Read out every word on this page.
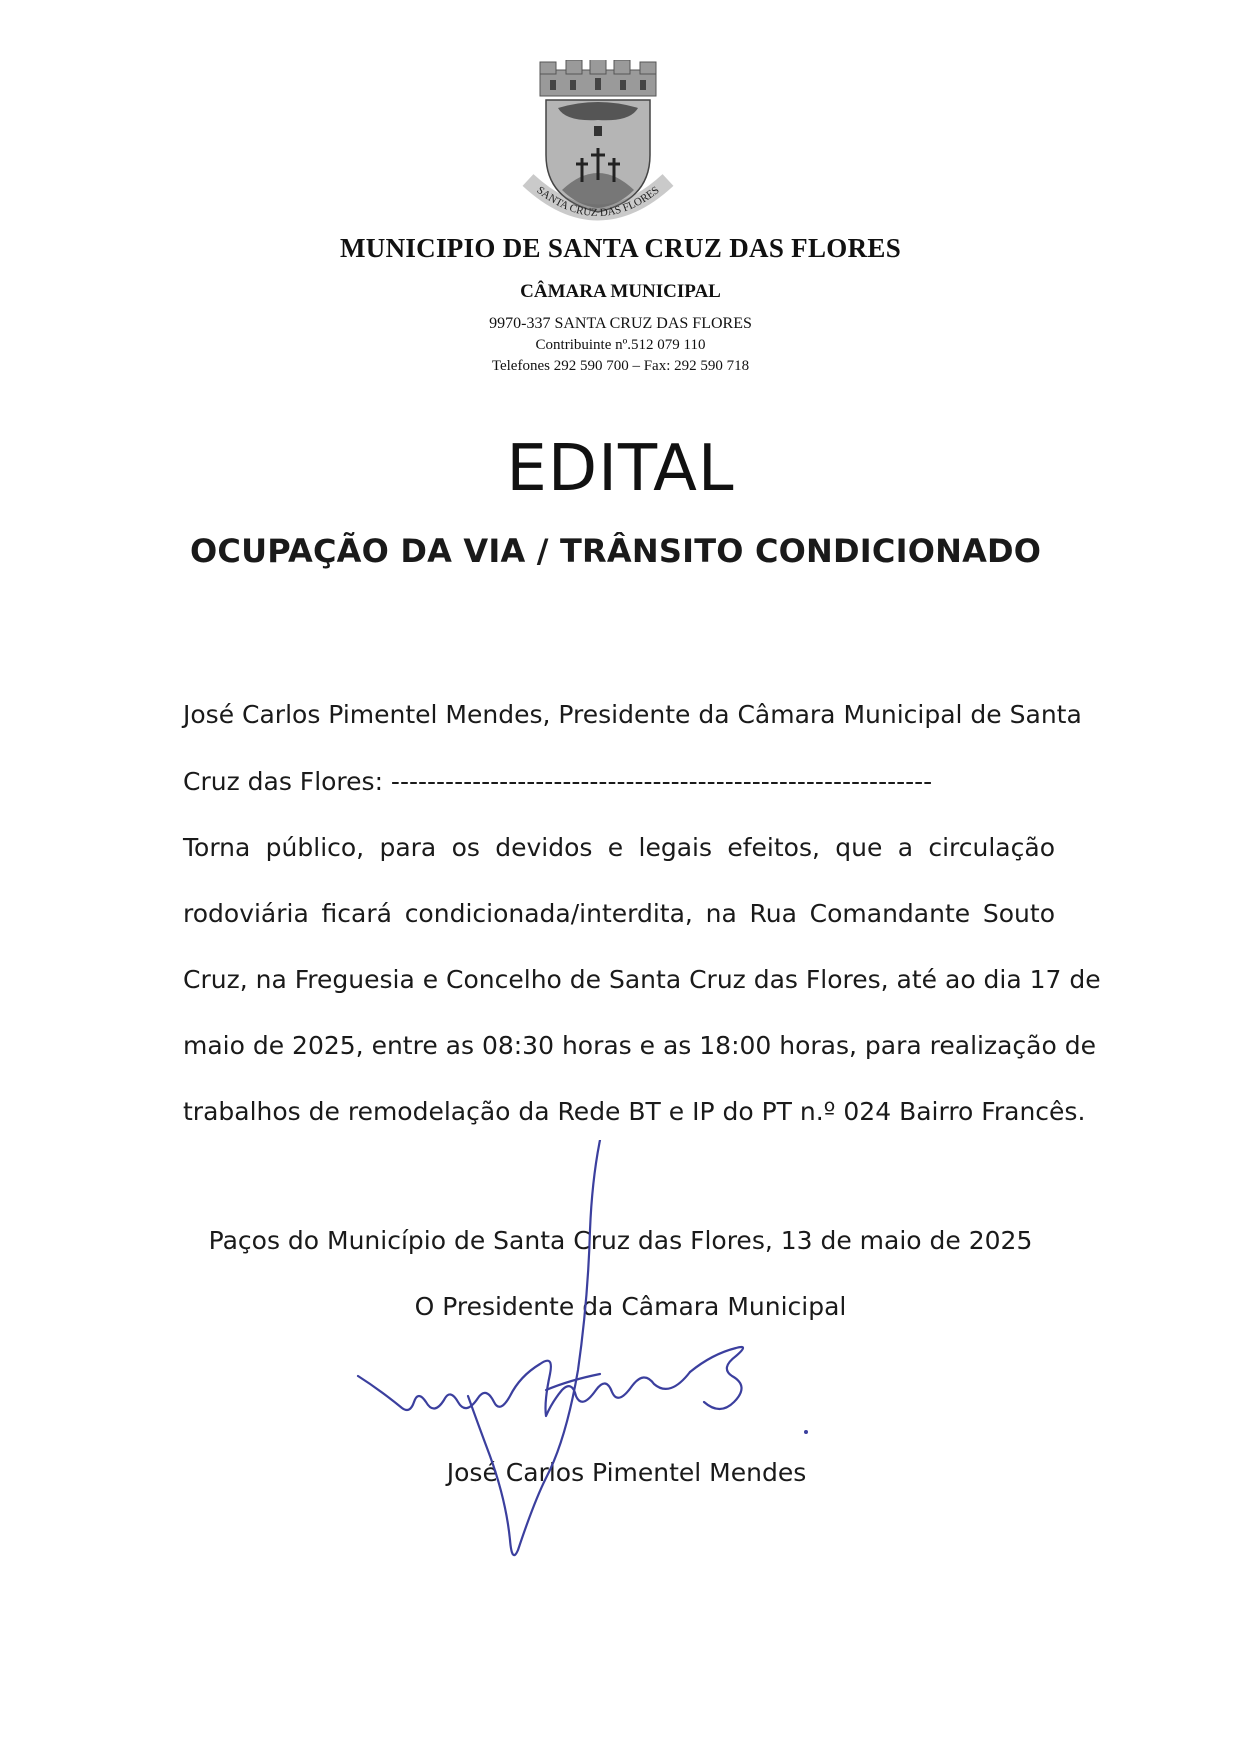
SANTA CRUZ DAS FLORES
MUNICIPIO DE SANTA CRUZ DAS FLORES
CÂMARA MUNICIPAL
9970-337 SANTA CRUZ DAS FLORES
Contribuinte nº.512 079 110
Telefones 292 590 700 – Fax: 292 590 718
EDITAL
OCUPAÇÃO DA VIA / TRÂNSITO CONDICIONADO
José Carlos Pimentel Mendes, Presidente da Câmara Municipal de Santa
Cruz das Flores: ------------------------------------------------------------
Torna público, para os devidos e legais efeitos, que a circulação
rodoviária ficará condicionada/interdita, na Rua Comandante Souto
Cruz, na Freguesia e Concelho de Santa Cruz das Flores, até ao dia 17 de
maio de 2025, entre as 08:30 horas e as 18:00 horas, para realização de
trabalhos de remodelação da Rede BT e IP do PT n.º 024 Bairro Francês.
Paços do Município de Santa Cruz das Flores, 13 de maio de 2025
O Presidente da Câmara Municipal
José Carlos Pimentel Mendes
